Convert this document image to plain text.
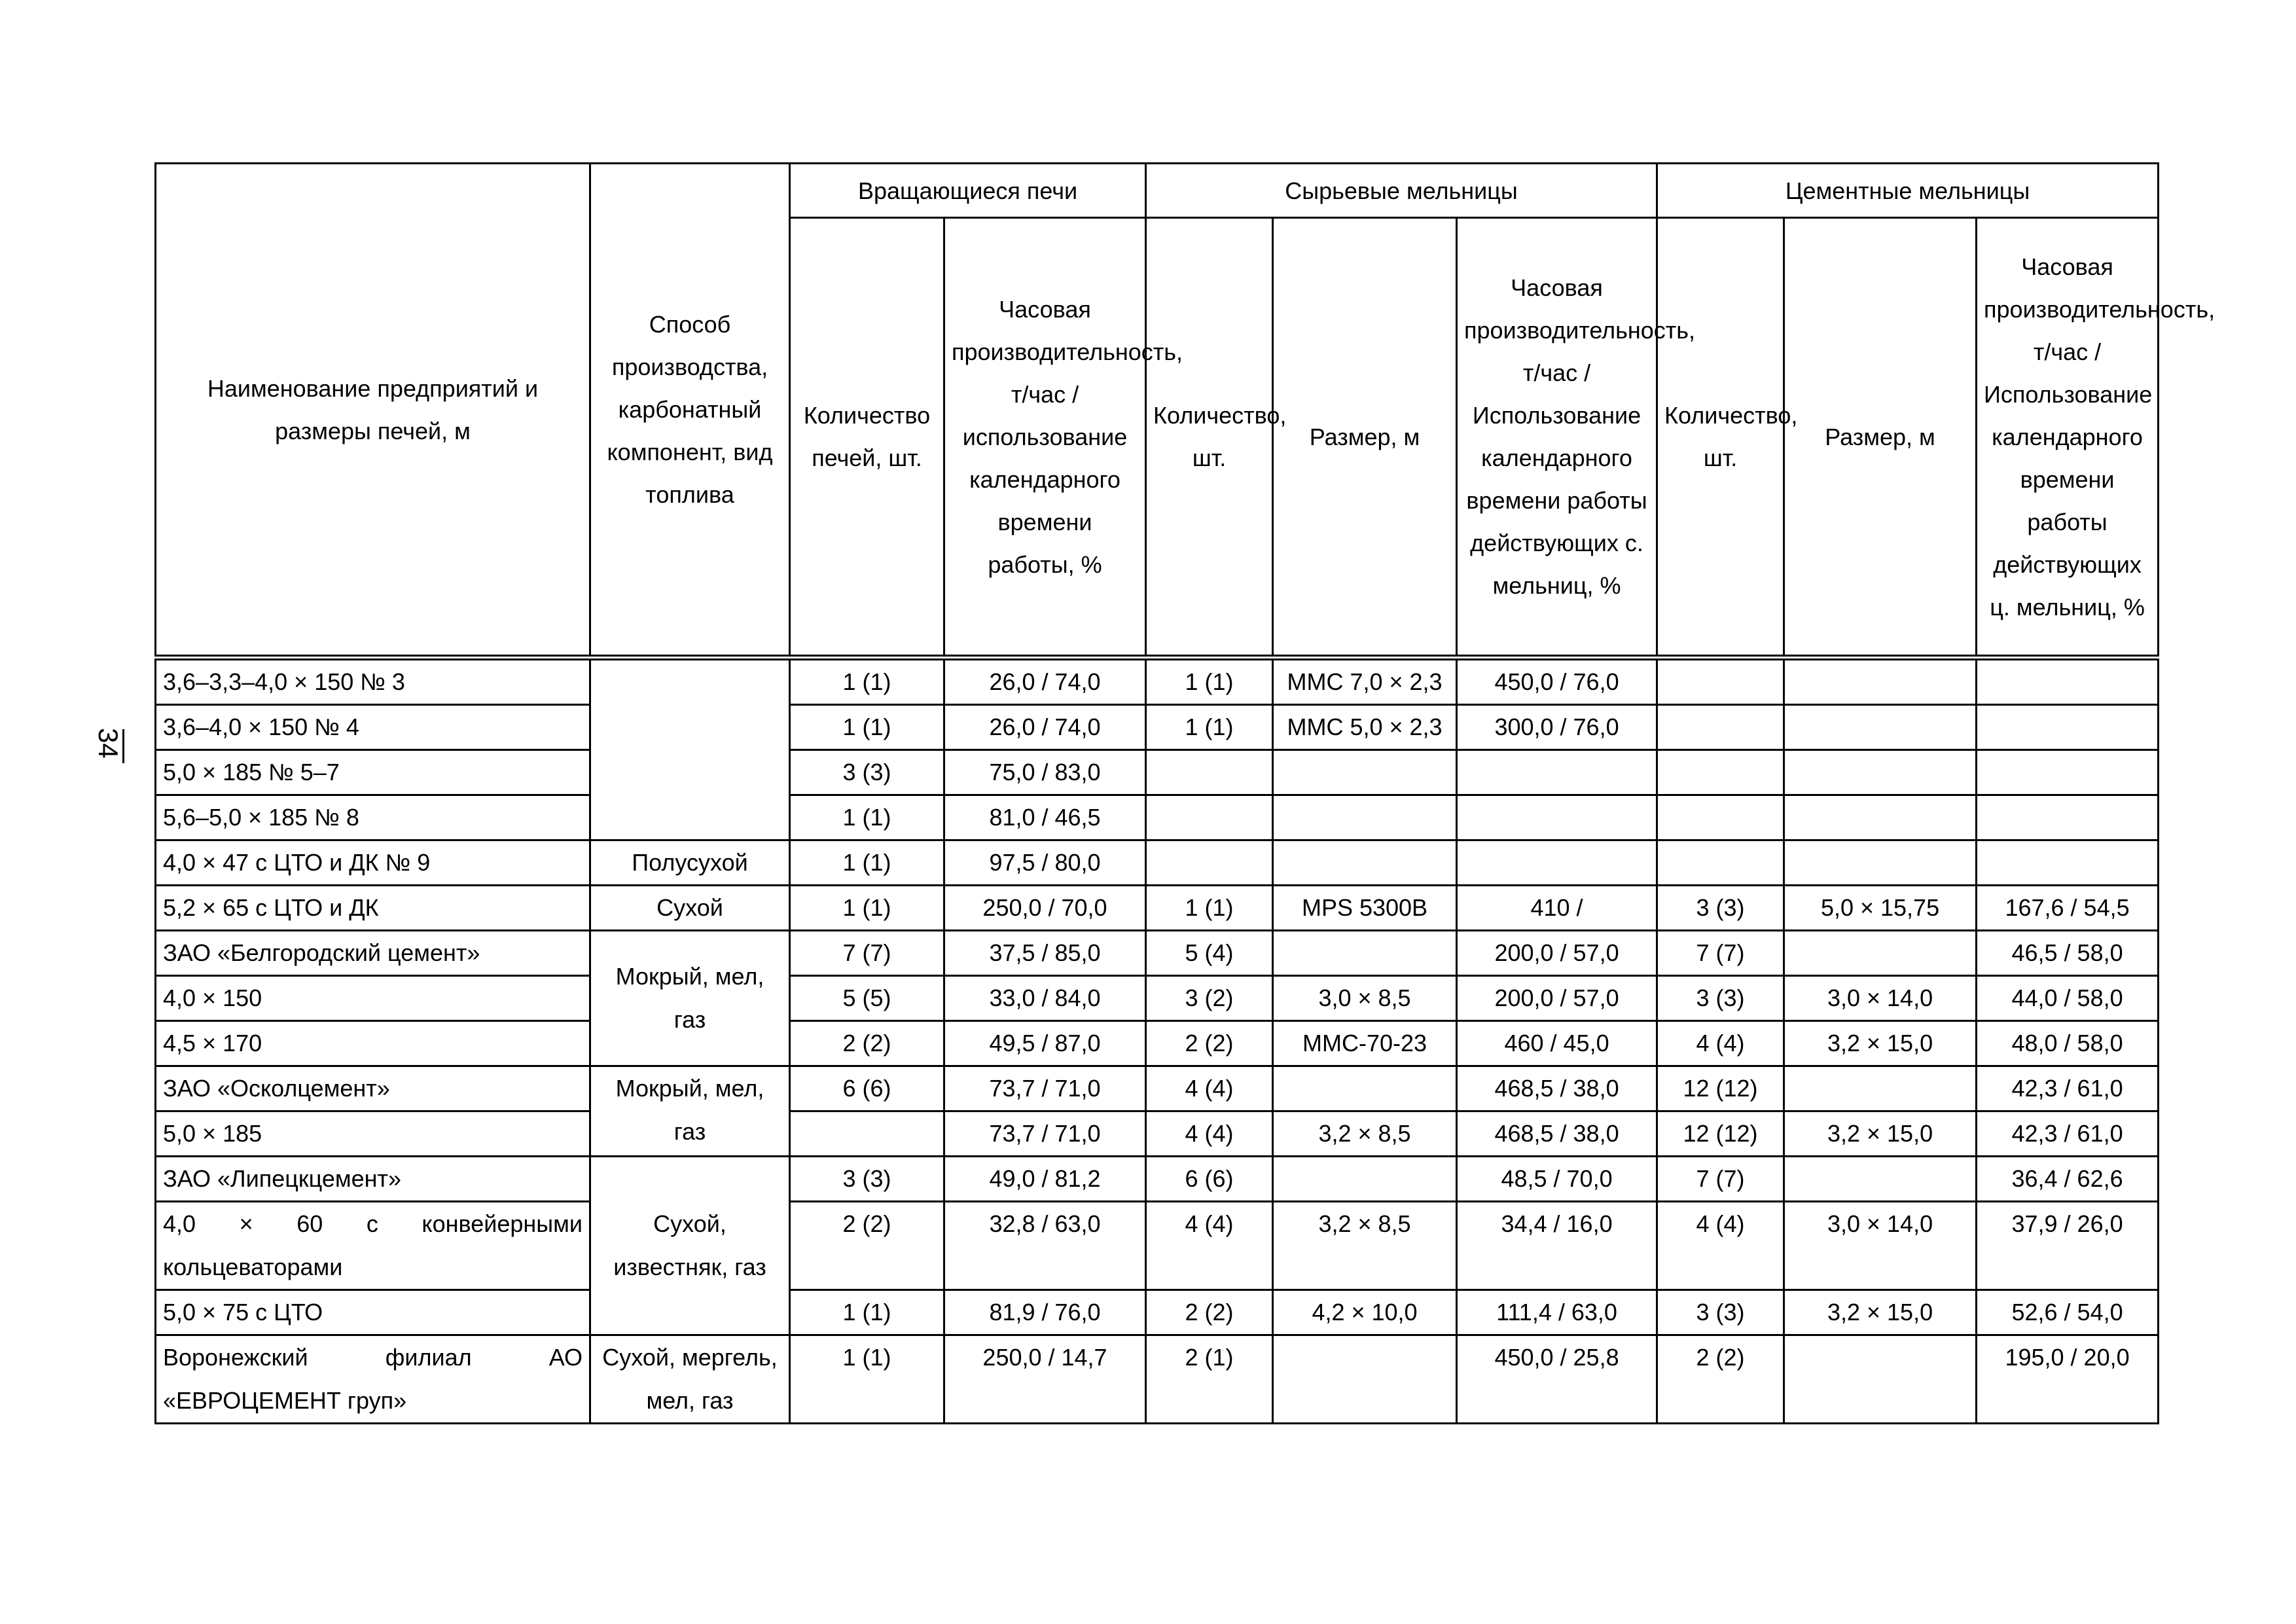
34
Наименование предприятий и размеры печей, м	Способ производства, карбонатный компонент, вид топлива	Вращающиеся печи		Сырьевые мельницы			Цементные мельницы		
		Количество печей, шт.	Часовая производительность, т/час / использование календарного времени работы, %	Количество, шт.	Размер, м	Часовая производительность, т/час / Использование календарного времени работы действующих с. мельниц, %	Количество, шт.	Размер, м	Часовая производительность, т/час / Использование календарного времени работы действующих ц. мельниц, %
3,6–3,3–4,0 × 150 № 3		1 (1)	26,0 / 74,0	1 (1)	ММС 7,0 × 2,3	450,0 / 76,0			
3,6–4,0 × 150 № 4		1 (1)	26,0 / 74,0	1 (1)	ММС 5,0 × 2,3	300,0 / 76,0			
5,0 × 185 № 5–7		3 (3)	75,0 / 83,0						
5,6–5,0 × 185 № 8		1 (1)	81,0 / 46,5						
4,0 × 47 с ЦТО и ДК № 9	Полусухой	1 (1)	97,5 / 80,0						
5,2 × 65 с ЦТО и ДК	Сухой	1 (1)	250,0 / 70,0	1 (1)	MPS 5300B	410 /	3 (3)	5,0 × 15,75	167,6 / 54,5
ЗАО «Белгородский цемент»	Мокрый, мел, газ	7 (7)	37,5 / 85,0	5 (4)		200,0 / 57,0	7 (7)		46,5 / 58,0
4,0 × 150		5 (5)	33,0 / 84,0	3 (2)	3,0 × 8,5	200,0 / 57,0	3 (3)	3,0 × 14,0	44,0 / 58,0
4,5 × 170		2 (2)	49,5 / 87,0	2 (2)	ММС-70-23	460 / 45,0	4 (4)	3,2 × 15,0	48,0 / 58,0
ЗАО «Осколцемент»	Мокрый, мел, газ	6 (6)	73,7 / 71,0	4 (4)		468,5 / 38,0	12 (12)		42,3 / 61,0
5,0 × 185			73,7 / 71,0	4 (4)	3,2 × 8,5	468,5 / 38,0	12 (12)	3,2 × 15,0	42,3 / 61,0
ЗАО «Липецкцемент»	Сухой, известняк, газ	3 (3)	49,0 / 81,2	6 (6)		48,5 / 70,0	7 (7)		36,4 / 62,6
4,0 × 60 с конвейерными кольцеваторами		2 (2)	32,8 / 63,0	4 (4)	3,2 × 8,5	34,4 / 16,0	4 (4)	3,0 × 14,0	37,9 / 26,0
5,0 × 75 с ЦТО		1 (1)	81,9 / 76,0	2 (2)	4,2 × 10,0	111,4 / 63,0	3 (3)	3,2 × 15,0	52,6 / 54,0
Воронежский филиал АО «ЕВРОЦЕМЕНТ груп»	Сухой, мергель, мел, газ	1 (1)	250,0 / 14,7	2 (1)		450,0 / 25,8	2 (2)		195,0 / 20,0
